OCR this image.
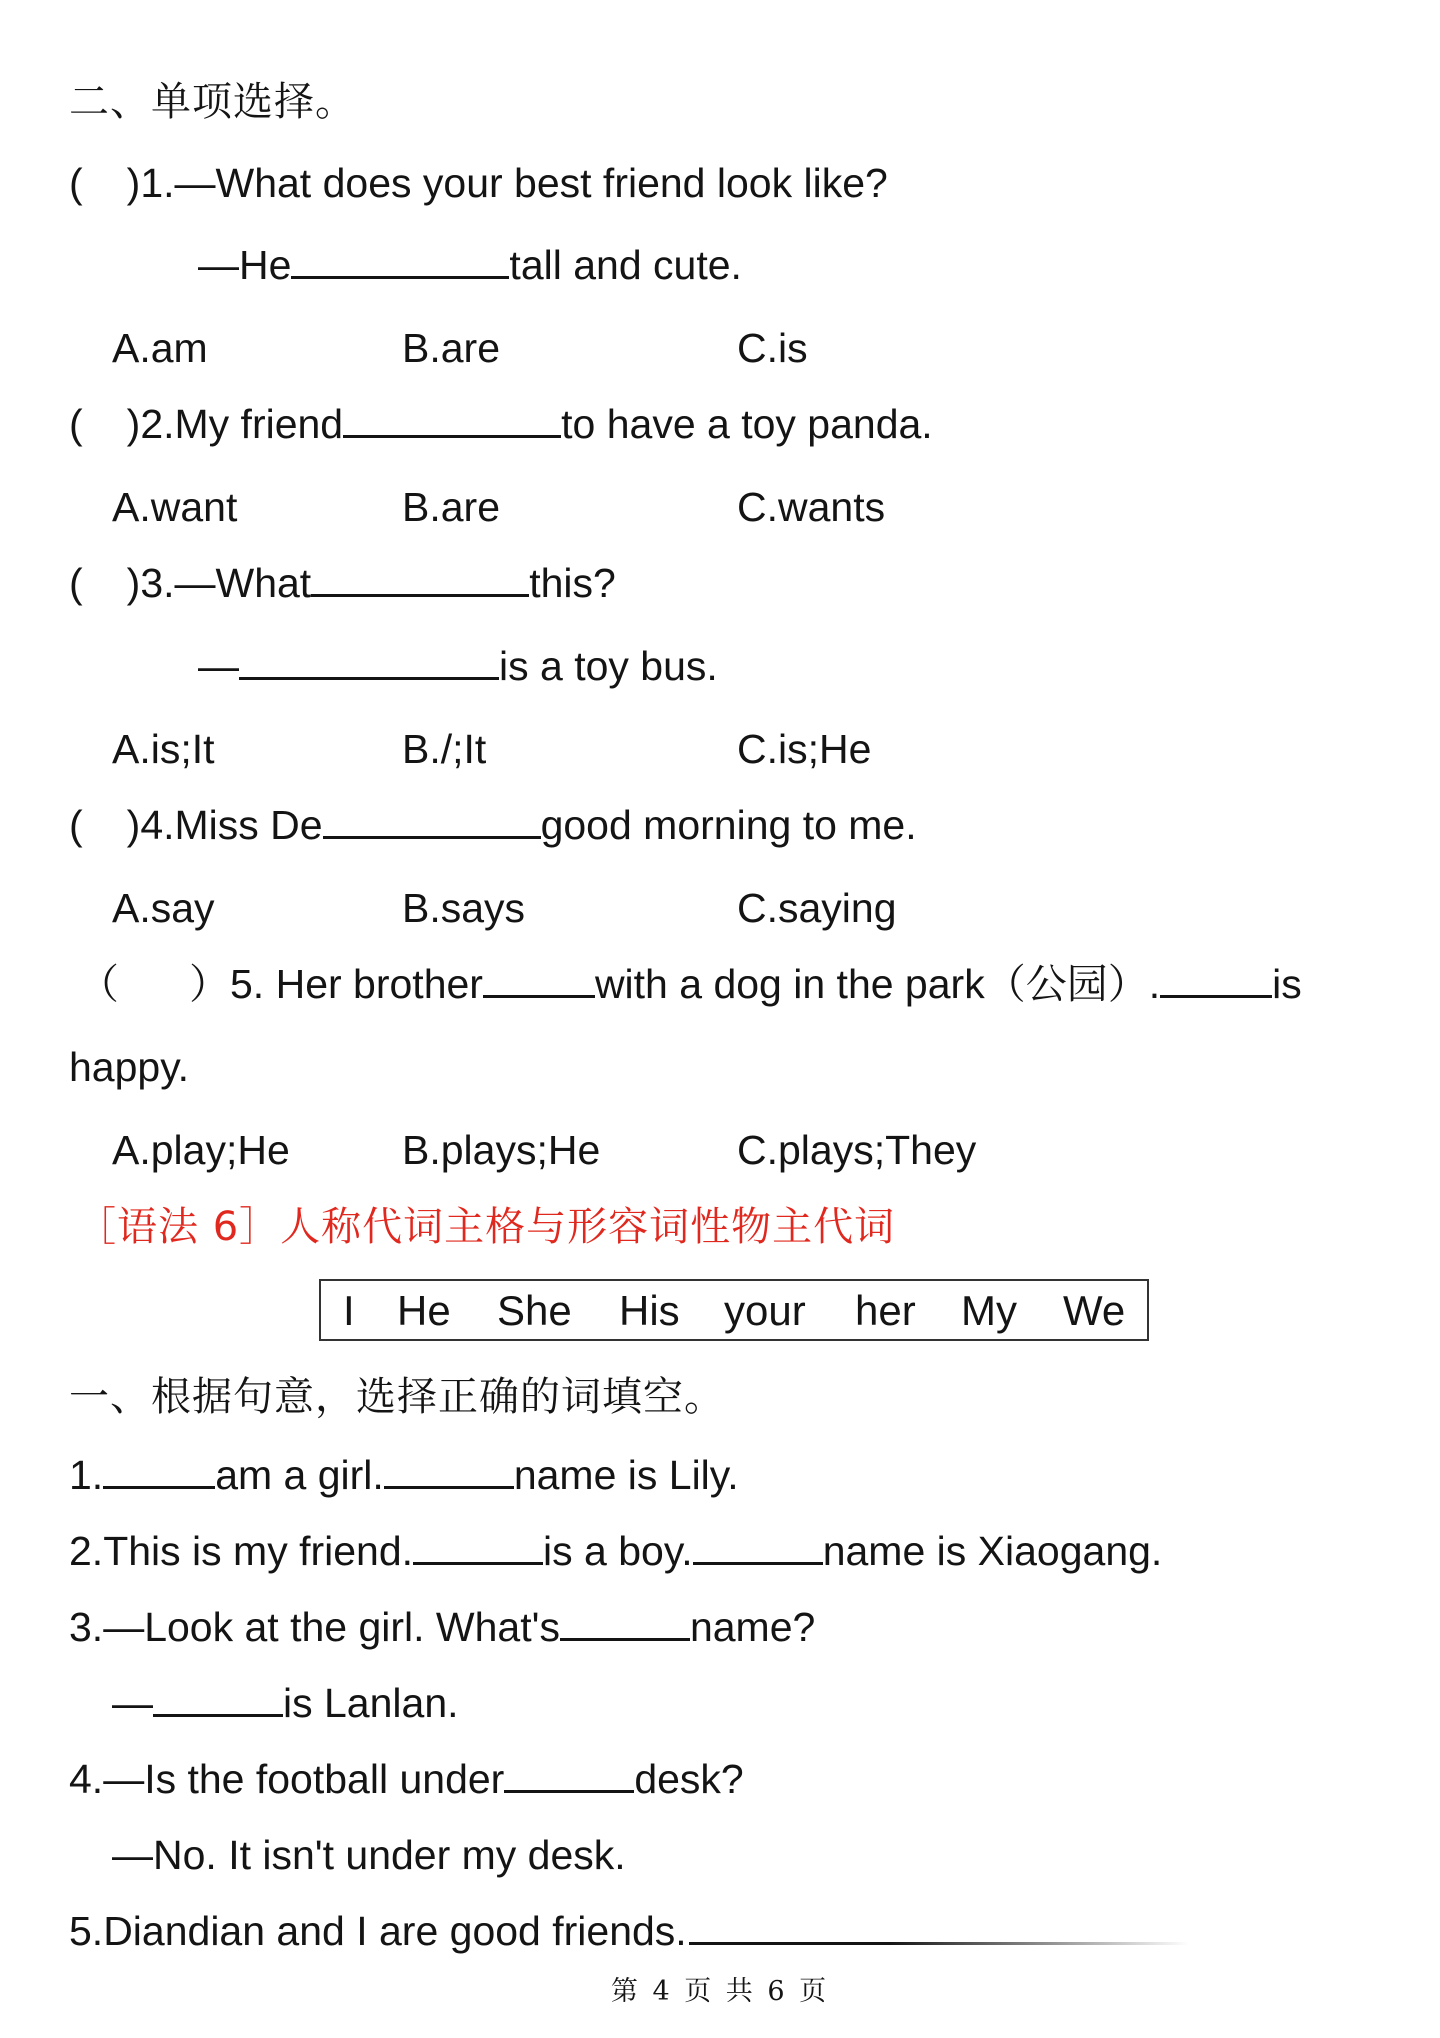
二、单项选择。
( )1.—What does your best friend look like?
—He	tall and cute.
A.am	B.are	C.is
( )2.My friend	to have a toy panda.
A.want	B.are	C.wants
( )3.—What	this?
—	is a toy bus.
A.is;It	B./;It	C.is;He
( )4.Miss De	good morning to me.
A.say	B.says	C.saying
（ ）5. Her brother	with a dog in the park（公园）.	is
happy.
A.play;He	B.plays;He	C.plays;They
［语法 6］人称代词主格与形容词性物主代词
I He She His your her My We
一、根据句意，选择正确的词填空。
1.	am a girl.	name is Lily.
2.This is my friend.	is a boy.	name is Xiaogang.
3.—Look at the girl. What's	name?
—	is Lanlan.
4.—Is the football under	desk?
—No. It isn't under my desk.
5.Diandian and I are good friends.
第 4 页 共 6 页
